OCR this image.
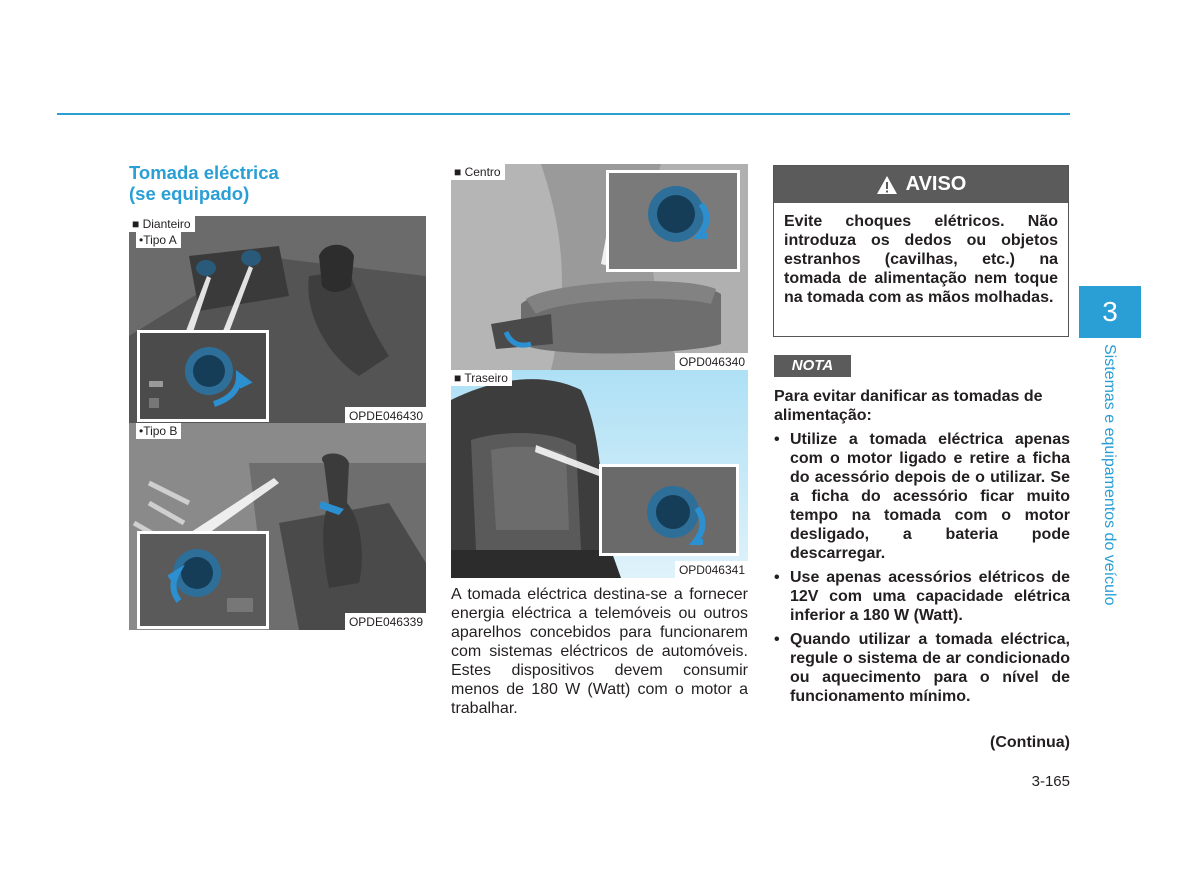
Tomada eléctrica
(se equipado)
■ Dianteiro
•Tipo A
OPDE046430
•Tipo B
OPDE046339
■ Centro
OPD046340
■ Traseiro
OPD046341
A tomada eléctrica destina-se a fornecer energia eléctrica a telemóveis ou outros aparelhos concebidos para funcionarem com sistemas eléctricos de automóveis. Estes dispositivos devem consumir menos de 180 W (Watt) com o motor a trabalhar.
AVISO
Evite choques elétricos. Não introduza os dedos ou objetos estranhos (cavilhas, etc.) na tomada de alimentação nem toque na tomada com as mãos molhadas.
NOTA

Para evitar danificar as tomadas de alimentação:

• Utilize a tomada eléctrica apenas com o motor ligado e retire a ficha do acessório depois de o utilizar. Se a ficha do acessório ficar muito tempo na tomada com o motor desligado, a bateria pode descarregar.
• Use apenas acessórios elétricos de 12V com uma capacidade elétrica inferior a 180 W (Watt).
• Quando utilizar a tomada eléctrica, regule o sistema de ar condicionado ou aquecimento para o nível de funcionamento mínimo.
(Continua)
3-165
3
Sistemas e equipamentos do veículo
